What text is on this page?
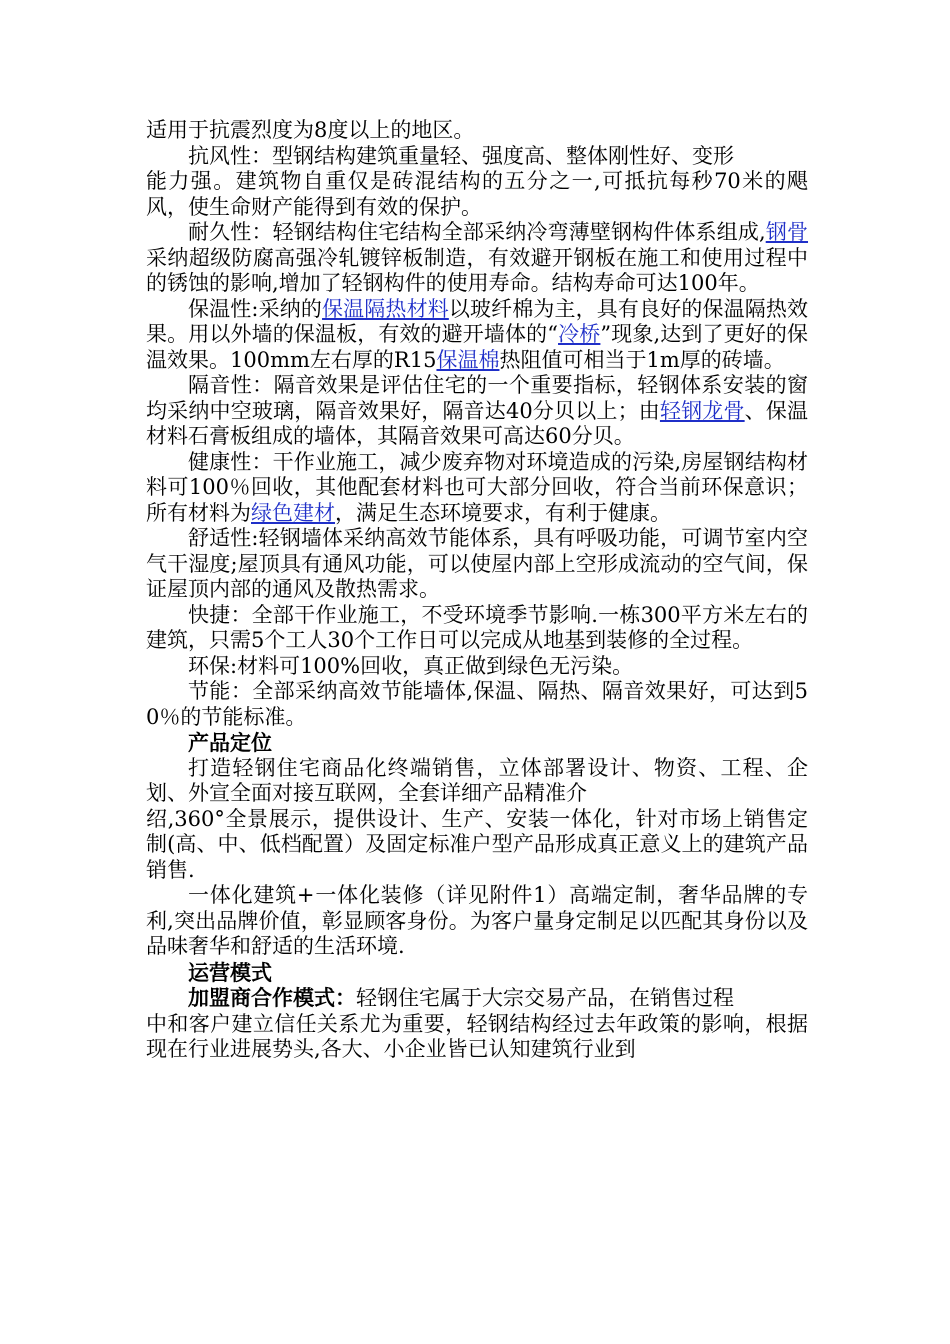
适用于抗震烈度为8度以上的地区。

抗风性：型钢结构建筑重量轻、强度高、整体刚性好、变形

能力强。建筑物自重仅是砖混结构的五分之一,可抵抗每秒70米的飓风，使生命财产能得到有效的保护。

耐久性：轻钢结构住宅结构全部采纳冷弯薄壁钢构件体系组成,钢骨采纳超级防腐高强冷轧镀锌板制造，有效避开钢板在施工和使用过程中的锈蚀的影响,增加了轻钢构件的使用寿命。结构寿命可达100年。

保温性:采纳的保温隔热材料以玻纤棉为主，具有良好的保温隔热效果。用以外墙的保温板，有效的避开墙体的“冷桥”现象,达到了更好的保温效果。100mm左右厚的R15保温棉热阻值可相当于1m厚的砖墙。

隔音性：隔音效果是评估住宅的一个重要指标，轻钢体系安装的窗均采纳中空玻璃，隔音效果好，隔音达40分贝以上；由轻钢龙骨、保温材料石膏板组成的墙体，其隔音效果可高达60分贝。

健康性：干作业施工，减少废弃物对环境造成的污染,房屋钢结构材料可100％回收，其他配套材料也可大部分回收，符合当前环保意识；所有材料为绿色建材，满足生态环境要求，有利于健康。

舒适性:轻钢墙体采纳高效节能体系，具有呼吸功能，可调节室内空气干湿度;屋顶具有通风功能，可以使屋内部上空形成流动的空气间，保证屋顶内部的通风及散热需求。

快捷：全部干作业施工，不受环境季节影响.一栋300平方米左右的建筑，只需5个工人30个工作日可以完成从地基到装修的全过程。

环保:材料可100%回收，真正做到绿色无污染。

节能：全部采纳高效节能墙体,保温、隔热、隔音效果好，可达到50％的节能标准。

产品定位

打造轻钢住宅商品化终端销售，立体部署设计、物资、工程、企划、外宣全面对接互联网，全套详细产品精准介

绍,360°全景展示，提供设计、生产、安装一体化，针对市场上销售定制(高、中、低档配置）及固定标准户型产品形成真正意义上的建筑产品销售.

一体化建筑+一体化装修（详见附件1）高端定制，奢华品牌的专利,突出品牌价值，彰显顾客身份。为客户量身定制足以匹配其身份以及品味奢华和舒适的生活环境.

运营模式

加盟商合作模式：轻钢住宅属于大宗交易产品，在销售过程

中和客户建立信任关系尤为重要，轻钢结构经过去年政策的影响，根据现在行业进展势头,各大、小企业皆已认知建筑行业到
